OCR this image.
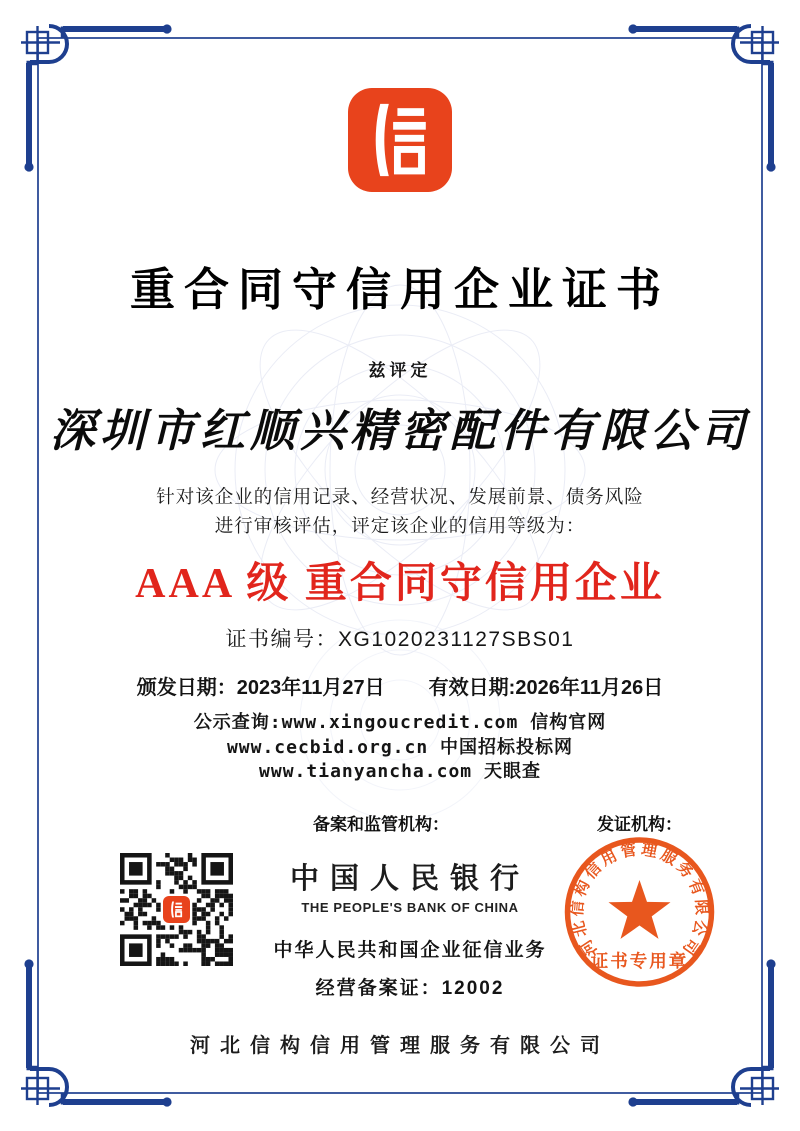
重合同守信用企业证书
兹评定
深圳市红顺兴精密配件有限公司
针对该企业的信用记录、经营状况、发展前景、债务风险
进行审核评估，评定该企业的信用等级为：
AAA 级 重合同守信用企业
证书编号：XG1020231127SBS01
颁发日期：2023年11月27日 有效日期:2026年11月26日
公示查询:www.xingoucredit.com 信构官网
www.cecbid.org.cn 中国招标投标网
www.tianyancha.com 天眼查
备案和监管机构：	发证机构：
中国人民银行
THE PEOPLE'S BANK OF CHINA
中华人民共和国企业征信业务
经营备案证：12002
河北信构信用管理服务有限公司
证书专用章
河北信构信用管理服务有限公司
